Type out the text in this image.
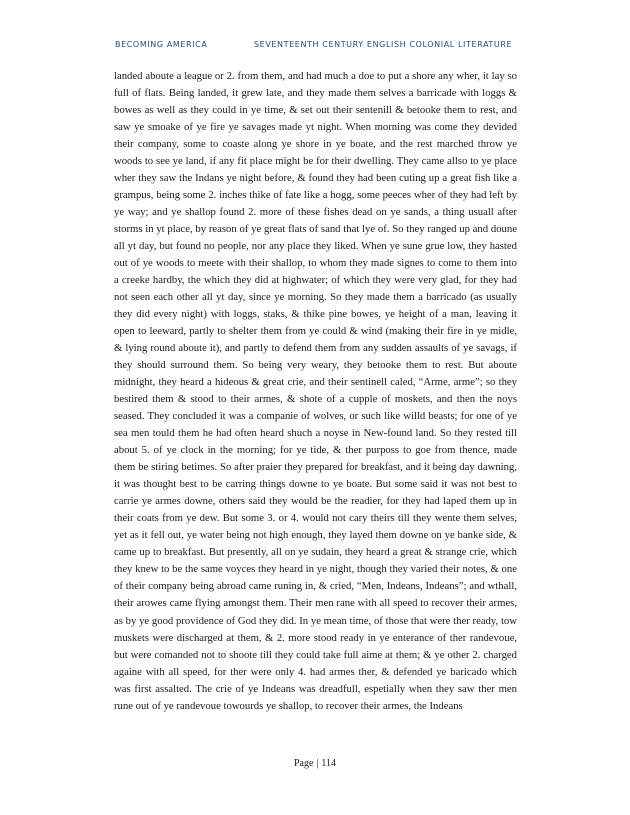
BECOMING AMERICA	SEVENTEENTH CENTURY ENGLISH COLONIAL LITERATURE

landed aboute a league or 2. from them, and had much a doe to put a shore any wher, it lay so full of flats. Being landed, it grew late, and they made them selves a barricade with loggs & bowes as well as they could in ye time, & set out their sentenill & betooke them to rest, and saw ye smoake of ye fire ye savages made yt night. When morning was come they devided their company, some to coaste along ye shore in ye boate, and the rest marched throw ye woods to see ye land, if any fit place might be for their dwelling. They came allso to ye place wher they saw the Indans ye night before, & found they had been cuting up a great fish like a grampus, being some 2. inches thike of fate like a hogg, some peeces wher of they had left by ye way; and ye shallop found 2. more of these fishes dead on ye sands, a thing usuall after storms in yt place, by reason of ye great flats of sand that lye of. So they ranged up and doune all yt day, but found no people, nor any place they liked. When ye sune grue low, they hasted out of ye woods to meete with their shallop, to whom they made signes to come to them into a creeke hardby, the which they did at highwater; of which they were very glad, for they had not seen each other all yt day, since ye morning. So they made them a barricado (as usually they did every night) with loggs, staks, & thike pine bowes, ye height of a man, leaving it open to leeward, partly to shelter them from ye could & wind (making their fire in ye midle, & lying round aboute it), and partly to defend them from any sudden assaults of ye savags, if they should surround them. So being very weary, they betooke them to rest. But aboute midnight, they heard a hideous & great crie, and their sentinell caled, “Arme, arme”; so they bestired them & stood to their armes, & shote of a cupple of moskets, and then the noys seased. They concluded it was a companie of wolves, or such like willd beasts; for one of ye sea men tould them he had often heard shuch a noyse in New-found land. So they rested till about 5. of ye clock in the morning; for ye tide, & ther purposs to goe from thence, made them be stiring betimes. So after praier they prepared for breakfast, and it being day dawning, it was thought best to be carring things downe to ye boate. But some said it was not best to carrie ye armes downe, others said they would be the readier, for they had laped them up in their coats from ye dew. But some 3. or 4. would not cary theirs till they wente them selves, yet as it fell out, ye water being not high enough, they layed them downe on ye banke side, & came up to breakfast. But presently, all on ye sudain, they heard a great & strange crie, which they knew to be the same voyces they heard in ye night, though they varied their notes, & one of their company being abroad came runing in, & cried, “Men, Indeans, Indeans”; and wthall, their arowes came flying amongst them. Their men rane with all speed to recover their armes, as by ye good providence of God they did. In ye mean time, of those that were ther ready, tow muskets were discharged at them, & 2. more stood ready in ye enterance of ther randevoue, but were comanded not to shoote till they could take full aime at them; & ye other 2. charged againe with all speed, for ther were only 4. had armes ther, & defended ye baricado which was first assalted. The crie of ye Indeans was dreadfull, espetially when they saw ther men rune out of ye randevoue towourds ye shallop, to recover their armes, the Indeans

Page | 114
